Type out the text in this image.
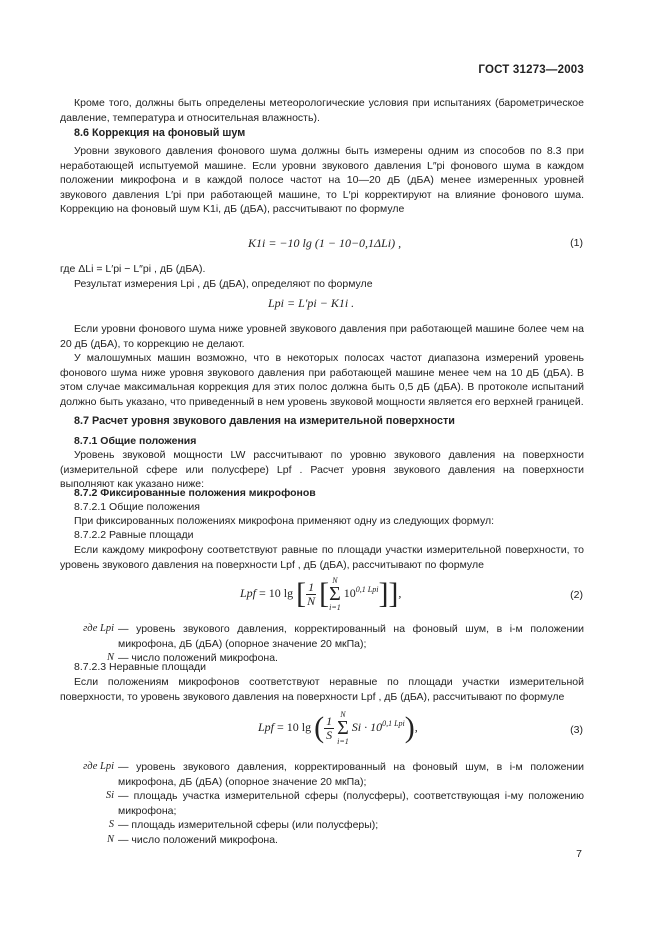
ГОСТ 31273—2003

Кроме того, должны быть определены метеорологические условия при испытаниях (барометрическое давление, температура и относительная влажность).

8.6 Коррекция на фоновый шум

Уровни звукового давления фонового шума должны быть измерены одним из способов по 8.3 при неработающей испытуемой машине. Если уровни звукового давления L″pi фонового шума в каждом положении микрофона и в каждой полосе частот на 10—20 дБ (дБA) менее измеренных уровней звукового давления L′pi при работающей машине, то L′pi корректируют на влияние фонового шума. Коррекцию на фоновый шум K1i, дБ (дБA), рассчитывают по формуле

K1i = −10 lg (1 − 10−0,1ΔLi) ,	(1)

где ΔLi = L′pi − L″pi , дБ (дБА).

Результат измерения Lpi , дБ (дБА), определяют по формуле

Lpi = L′pi − K1i .

Если уровни фонового шума ниже уровней звукового давления при работающей машине более чем на 20 дБ (дБA), то коррекцию не делают.

У малошумных машин возможно, что в некоторых полосах частот диапазона измерений уровень фонового шума ниже уровня звукового давления при работающей машине менее чем на 10 дБ (дБA). В этом случае максимальная коррекция для этих полос должна быть 0,5 дБ (дБA). В протоколе испытаний должно быть указано, что приведенный в нем уровень звуковой мощности является его верхней границей.

8.7 Расчет уровня звукового давления на измерительной поверхности
8.7.1 Общие положения

Уровень звуковой мощности LW рассчитывают по уровню звукового давления на поверхности (измерительной сфере или полусфере) Lpf . Расчет уровня звукового давления на поверхности выполняют как указано ниже:

8.7.2 Фиксированные положения микрофонов
8.7.2.1 Общие положения
При фиксированных положениях микрофона применяют одну из следующих формул:
8.7.2.2 Равные площади

Если каждому микрофону соответствуют равные по площади участки измерительной поверхности, то уровень звукового давления на поверхности Lpf , дБ (дБA), рассчитывают по формуле

Lpf = 10 lg [ $\frac{1}{N}$ [ N
Σ
i=1
$10^{0,1 Lpi}$]],	(2)
где Lpi — уровень звукового давления, корректированный на фоновый шум, в i-м положении микрофона, дБ (дБA) (опорное значение 20 мкПа);
N — число положений микрофона.
8.7.2.3 Неравные площади

Если положениям микрофонов соответствуют неравные по площади участки измерительной поверхности, то уровень звукового давления на поверхности Lpf , дБ (дБА), рассчитывают по формуле

Lpf = 10 lg ( $\frac{1}{S}$
N
Σ
i=1
$Si \cdot 10^{0,1 Lpi}$),	(3)
где Lpi — уровень звукового давления, корректированный на фоновый шум, в i-м положении микрофона, дБ (дБA) (опорное значение 20 мкПа);
Si — площадь участка измерительной сферы (полусферы), соответствующая i-му положению микрофона;
S — площадь измерительной сферы (или полусферы);
N — число положений микрофона.
7
